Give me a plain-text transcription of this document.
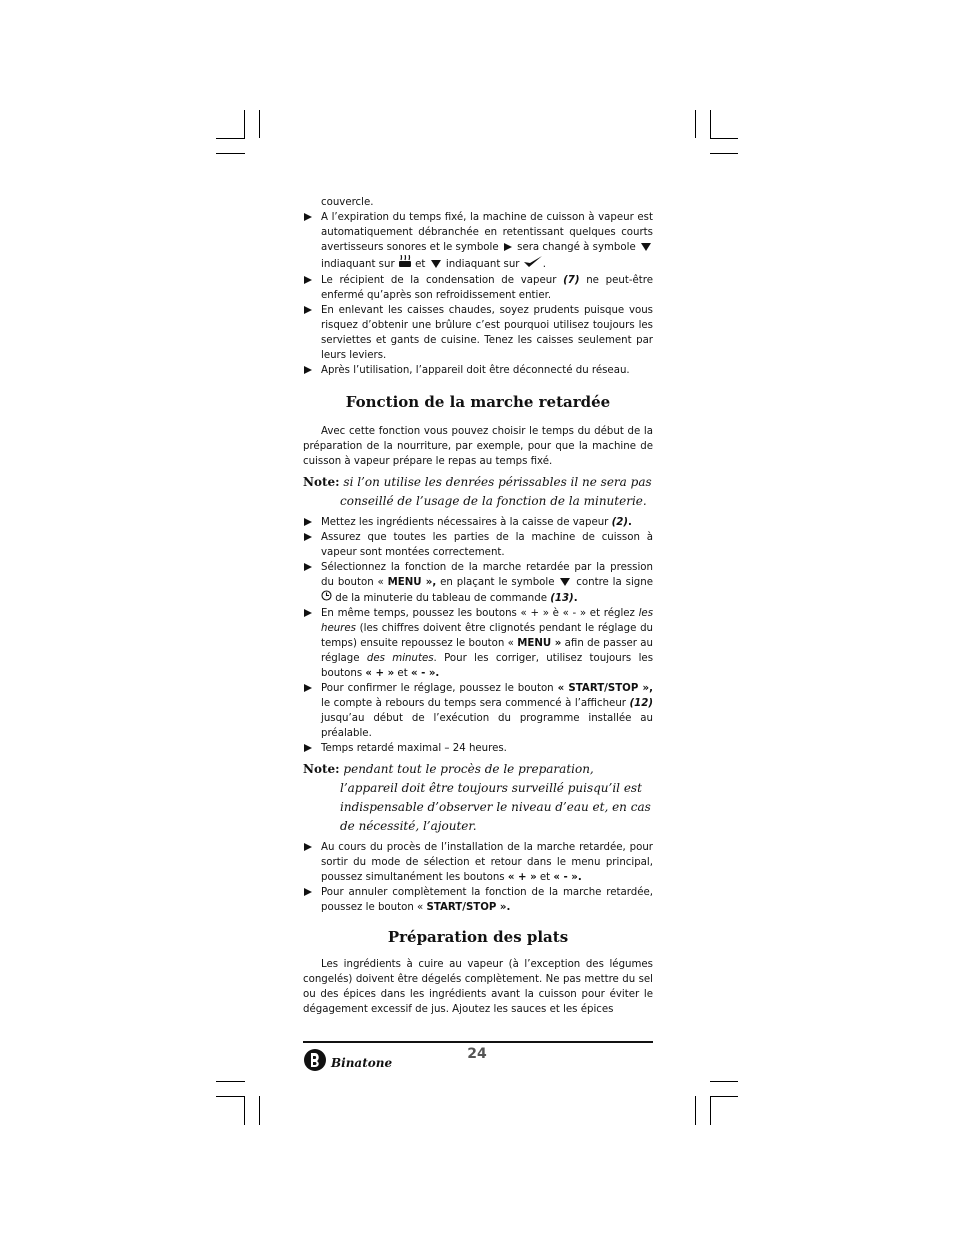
couvercle.

A l’expiration du temps fixé, la machine de cuisson à vapeur est automatiquement débranchée en retentissant quelques courts avertisseurs sonores et le symbole  sera changé à symbole  indiaquant sur  et  indiaquant sur .

Le récipient de la condensation de vapeur (7) ne peut-être enfermé qu’après son refroidissement entier.

En enlevant les caisses chaudes, soyez prudents puisque vous risquez d’obtenir une brûlure c’est pourquoi utilisez toujours les serviettes et gants de cuisine. Tenez les caisses seulement par leurs leviers.

Après l’utilisation, l’appareil doit être déconnecté du réseau.

Fonction de la marche retardée

Avec cette fonction vous pouvez choisir le temps du début de la préparation de la nourriture, par exemple, pour que la machine de cuisson à vapeur prépare le repas au temps fixé.

Note: si l’on utilise les denrées périssables il ne sera pas conseillé de l’usage de la fonction de la minuterie.

Mettez les ingrédients nécessaires à la caisse de vapeur (2).

Assurez que toutes les parties de la machine de cuisson à vapeur sont montées correctement.

Sélectionnez la fonction de la marche retardée par la pression du bouton « MENU », en plaçant le symbole  contre la signe  de la minuterie du tableau de commande (13).

En même temps, poussez les boutons « + » è « - » et réglez les heures (les chiffres doivent être clignotés pendant le réglage du temps) ensuite repoussez le bouton « MENU » afin de passer au réglage des minutes. Pour les corriger, utilisez toujours les boutons « + » et « - ».

Pour confirmer le réglage, poussez le bouton « START/STOP », le compte à rebours du temps sera commencé à l’afficheur (12) jusqu’au début de l’exécution du programme installée au préalable.

Temps retardé maximal – 24 heures.

Note: pendant tout le procès de le preparation, l’appareil doit être toujours surveillé puisqu’il est indispensable d’observer le niveau d’eau et, en cas de nécessité, l’ajouter.

Au cours du procès de l’installation de la marche retardée, pour sortir du mode de sélection et retour dans le menu principal, poussez simultanément les boutons « + » et « - ».

Pour annuler complètement la fonction de la marche retardée, poussez le bouton « START/STOP ».

Préparation des plats

Les ingrédients à cuire au vapeur (à l’exception des légumes congelés) doivent être dégelés complètement. Ne pas mettre du sel ou des épices dans les ingrédients avant la cuisson pour éviter le dégagement excessif de jus. Ajoutez les sauces et les épices

24
Binatone
